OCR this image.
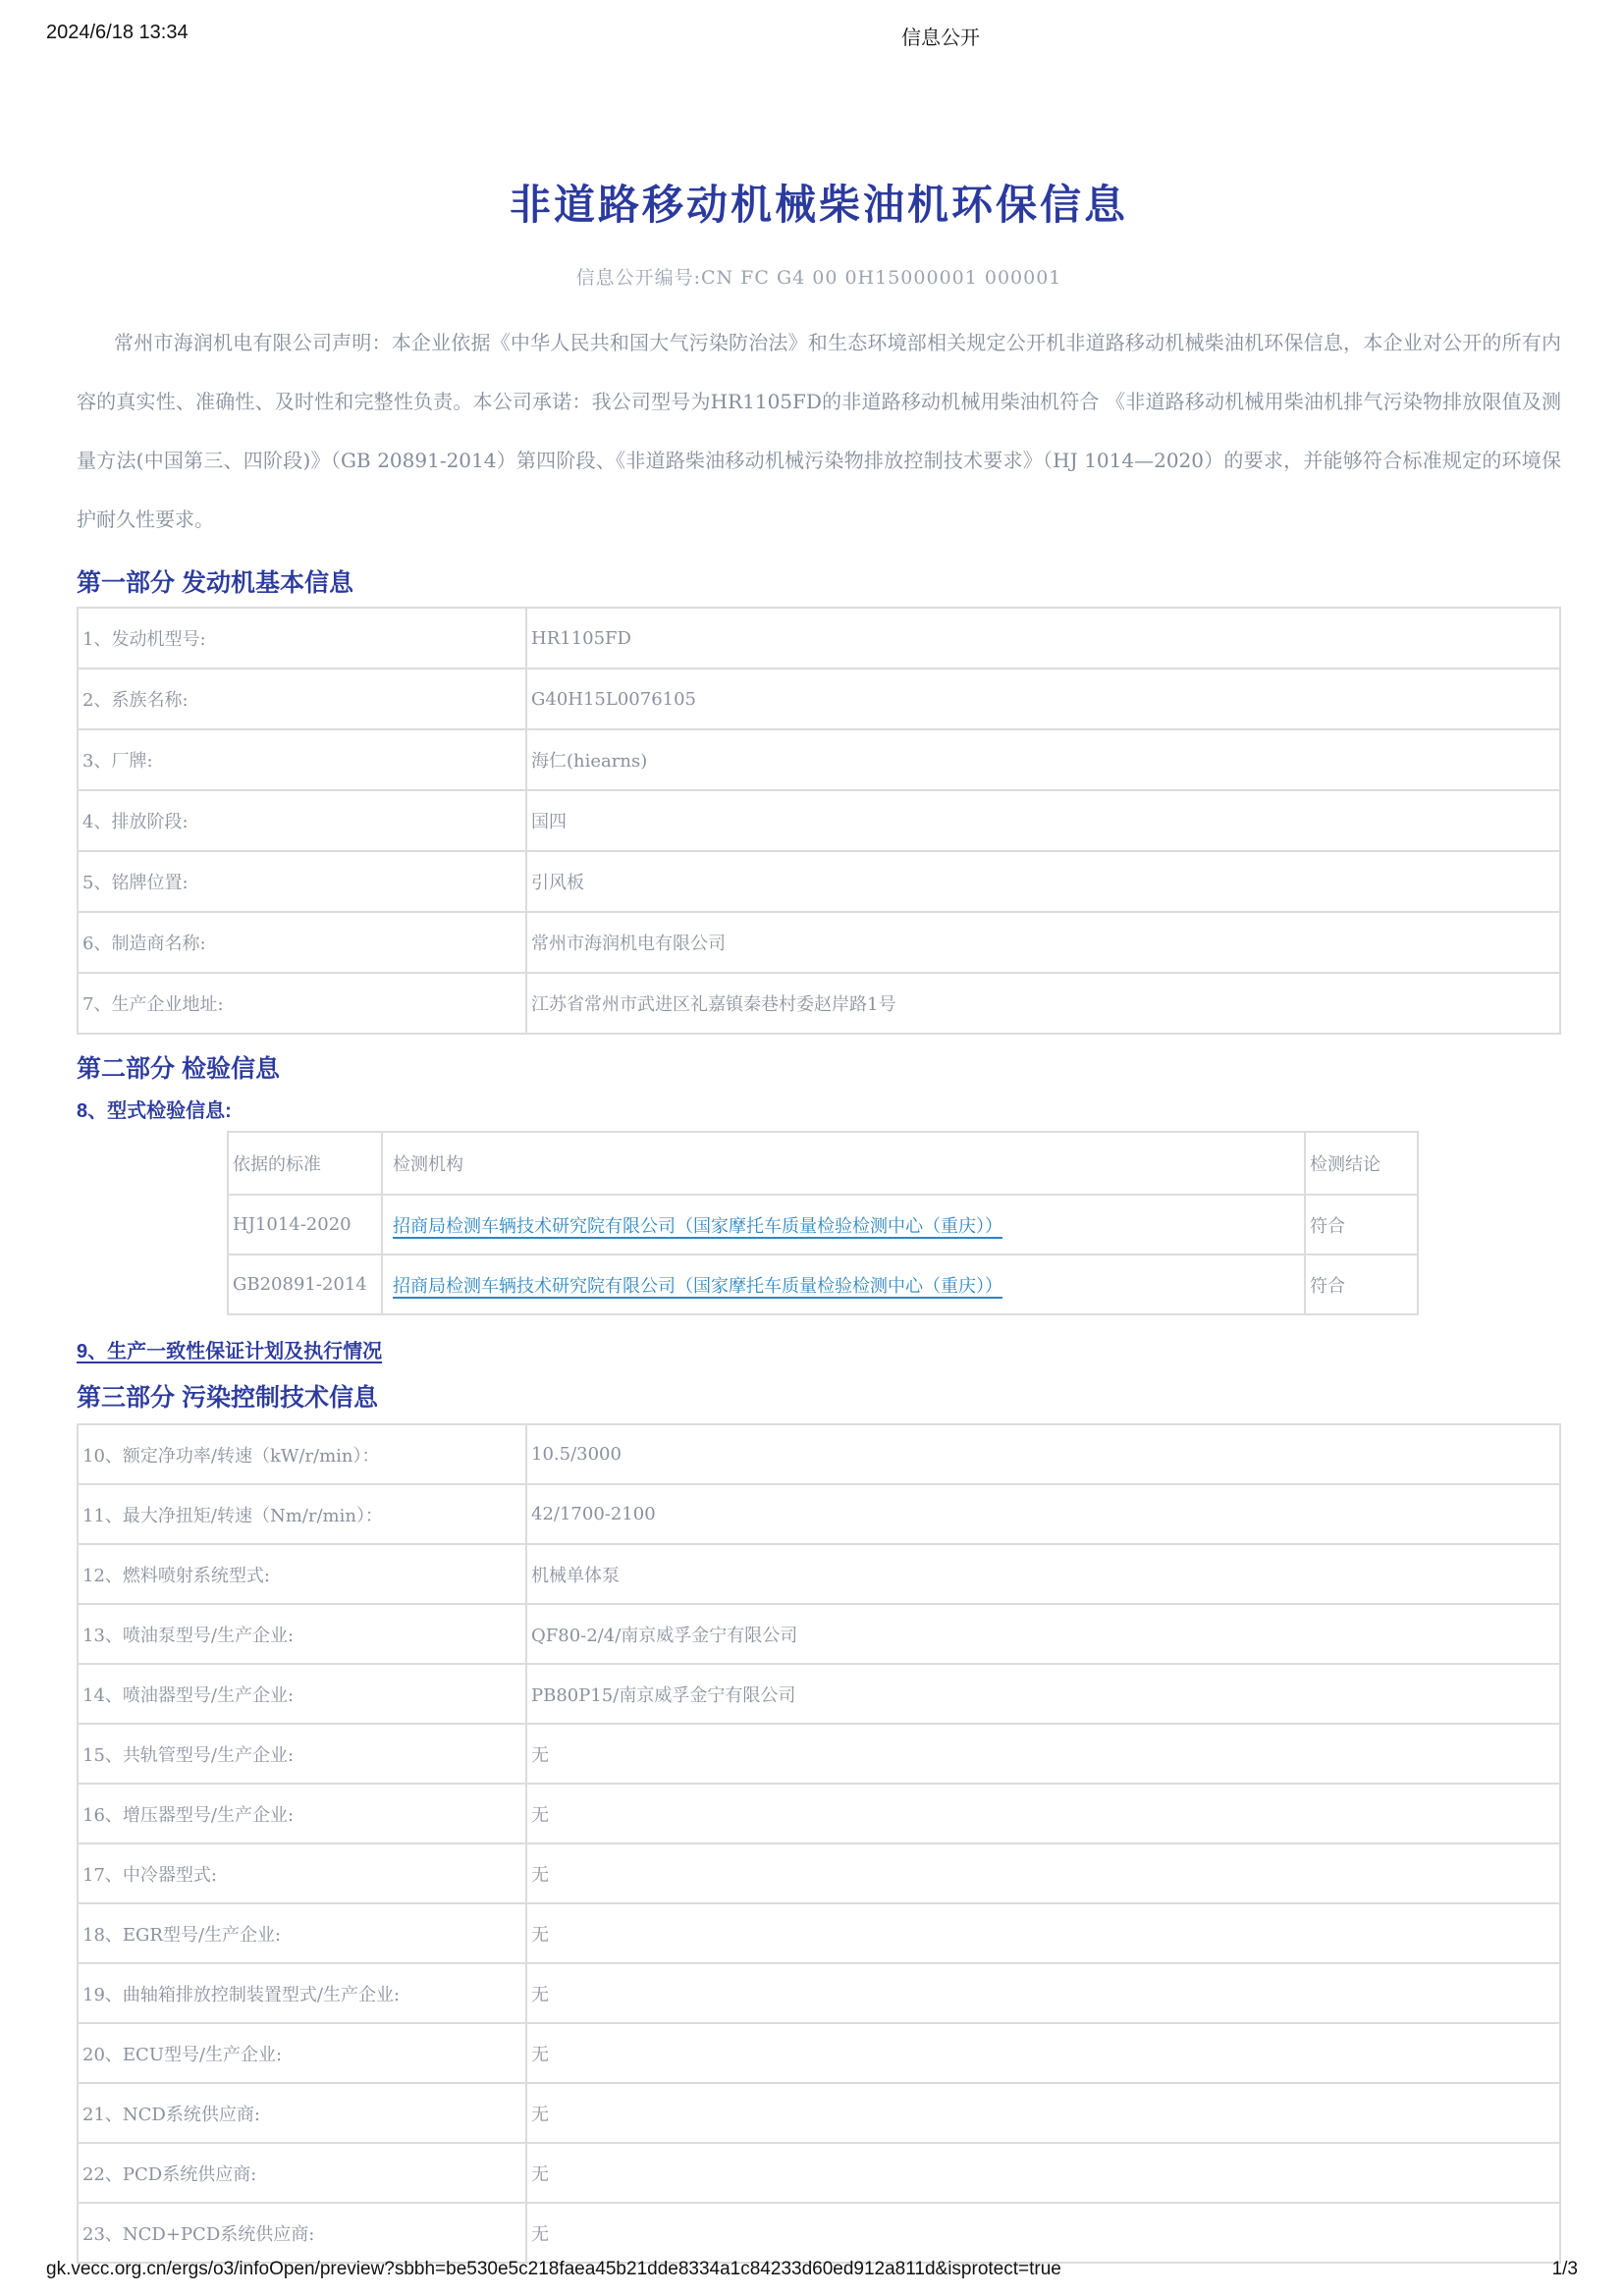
2024/6/18 13:34	信息公开
非道路移动机械柴油机环保信息
信息公开编号:CN FC G4 00 0H15000001 000001

常州市海润机电有限公司声明：本企业依据《中华人民共和国大气污染防治法》和生态环境部相关规定公开机非道路移动机械柴油机环保信息，本企业对公开的所有内容的真实性、准确性、及时性和完整性负责。本公司承诺：我公司型号为HR1105FD的非道路移动机械用柴油机符合 《非道路移动机械用柴油机排气污染物排放限值及测量方法(中国第三、四阶段)》（GB 20891-2014）第四阶段、《非道路柴油移动机械污染物排放控制技术要求》（HJ 1014—2020）的要求，并能够符合标准规定的环境保护耐久性要求。

第一部分 发动机基本信息
1、发动机型号:	HR1105FD
2、系族名称:	G40H15L0076105
3、厂牌:	海仁(hiearns)
4、排放阶段:	国四
5、铭牌位置:	引风板
6、制造商名称:	常州市海润机电有限公司
7、生产企业地址:	江苏省常州市武进区礼嘉镇秦巷村委赵岸路1号
第二部分 检验信息
8、型式检验信息:
依据的标准	检测机构	检测结论
HJ1014-2020	招商局检测车辆技术研究院有限公司（国家摩托车质量检验检测中心（重庆））	符合
GB20891-2014	招商局检测车辆技术研究院有限公司（国家摩托车质量检验检测中心（重庆））	符合
9、生产一致性保证计划及执行情况
第三部分 污染控制技术信息
10、额定净功率/转速（kW/r/min）：	10.5/3000
11、最大净扭矩/转速（Nm/r/min）：	42/1700-2100
12、燃料喷射系统型式:	机械单体泵
13、喷油泵型号/生产企业:	QF80-2/4/南京威孚金宁有限公司
14、喷油器型号/生产企业:	PB80P15/南京威孚金宁有限公司
15、共轨管型号/生产企业:	无
16、增压器型号/生产企业:	无
17、中冷器型式:	无
18、EGR型号/生产企业:	无
19、曲轴箱排放控制装置型式/生产企业:	无
20、ECU型号/生产企业:	无
21、NCD系统供应商:	无
22、PCD系统供应商:	无
23、NCD+PCD系统供应商:	无
gk.vecc.org.cn/ergs/o3/infoOpen/preview?sbbh=be530e5c218faea45b21dde8334a1c84233d60ed912a811d&isprotect=true	1/3
